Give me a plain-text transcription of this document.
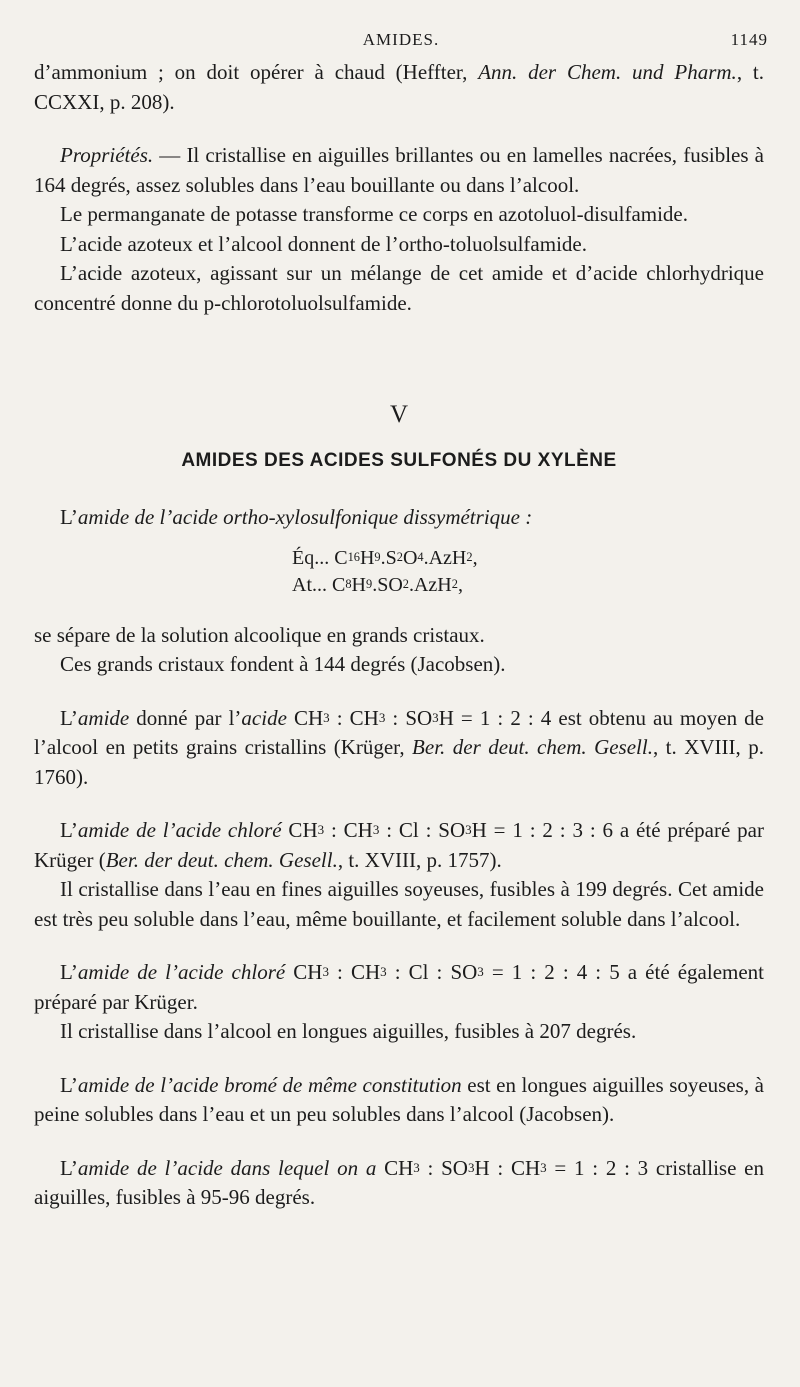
AMIDES.	1149

d’ammonium ; on doit opérer à chaud (Heffter, Ann. der Chem. und Pharm., t. CCXXI, p. 208).

Propriétés. — Il cristallise en aiguilles brillantes ou en lamelles nacrées, fusibles à 164 degrés, assez solubles dans l’eau bouillante ou dans l’alcool.

Le permanganate de potasse transforme ce corps en azotoluol-disulfamide.

L’acide azoteux et l’alcool donnent de l’ortho-toluolsulfamide.

L’acide azoteux, agissant sur un mélange de cet amide et d’acide chlorhydrique concentré donne du p-chlorotoluolsulfamide.

V
AMIDES DES ACIDES SULFONÉS DU XYLÈNE

L’amide de l’acide ortho-xylosulfonique dissymétrique :

Éq... $C^{16}H^9.S^2O^4.AzH^2$,
At... $C^8H^9.SO^2.AzH^2$,

se sépare de la solution alcoolique en grands cristaux.

Ces grands cristaux fondent à 144 degrés (Jacobsen).

L’amide donné par l’acide $CH^3$ : $CH^3$ : $SO^3H = 1$ : 2 : 4 est obtenu au moyen de l’alcool en petits grains cristallins (Krüger, Ber. der deut. chem. Gesell., t. XVIII, p. 1760).

L’amide de l’acide chloré $CH^3$ : $CH^3$ : Cl : $SO^3H = 1$ : 2 : 3 : 6 a été préparé par Krüger (Ber. der deut. chem. Gesell., t. XVIII, p. 1757).

Il cristallise dans l’eau en fines aiguilles soyeuses, fusibles à 199 degrés. Cet amide est très peu soluble dans l’eau, même bouillante, et facilement soluble dans l’alcool.

L’amide de l’acide chloré $CH^3$ : $CH^3$ : Cl : $SO^3 = 1$ : 2 : 4 : 5 a été également préparé par Krüger.

Il cristallise dans l’alcool en longues aiguilles, fusibles à 207 degrés.

L’amide de l’acide bromé de même constitution est en longues aiguilles soyeuses, à peine solubles dans l’eau et un peu solubles dans l’alcool (Jacobsen).

L’amide de l’acide dans lequel on a $CH^3$ : $SO^3H$ : $CH^3 = 1$ : 2 : 3 cristallise en aiguilles, fusibles à 95-96 degrés.
